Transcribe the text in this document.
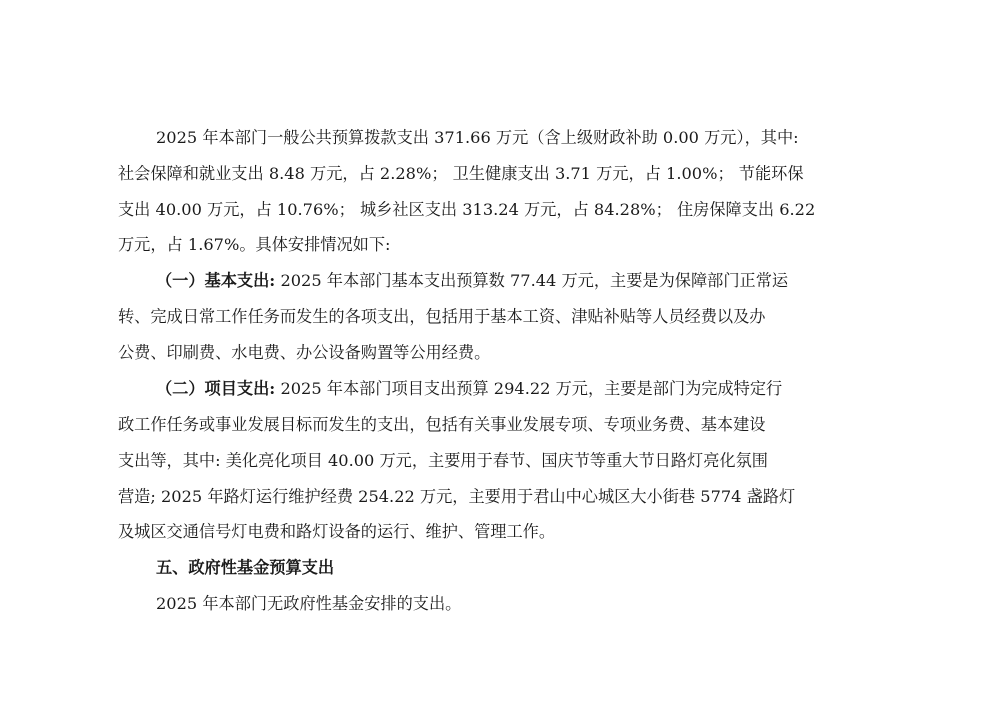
2025 年本部门一般公共预算拨款支出 371.66 万元（含上级财政补助 0.00 万元），其中:
社会保障和就业支出 8.48 万元，占 2.28%； 卫生健康支出 3.71 万元，占 1.00%； 节能环保
支出 40.00 万元，占 10.76%； 城乡社区支出 313.24 万元，占 84.28%； 住房保障支出 6.22
万元，占 1.67%。具体安排情况如下:
（一）基本支出: 2025 年本部门基本支出预算数 77.44 万元，主要是为保障部门正常运
转、完成日常工作任务而发生的各项支出，包括用于基本工资、津贴补贴等人员经费以及办
公费、印刷费、水电费、办公设备购置等公用经费。
（二）项目支出: 2025 年本部门项目支出预算 294.22 万元，主要是部门为完成特定行
政工作任务或事业发展目标而发生的支出，包括有关事业发展专项、专项业务费、基本建设
支出等，其中: 美化亮化项目 40.00 万元，主要用于春节、国庆节等重大节日路灯亮化氛围
营造; 2025 年路灯运行维护经费 254.22 万元，主要用于君山中心城区大小街巷 5774 盏路灯
及城区交通信号灯电费和路灯设备的运行、维护、管理工作。
五、政府性基金预算支出
2025 年本部门无政府性基金安排的支出。
